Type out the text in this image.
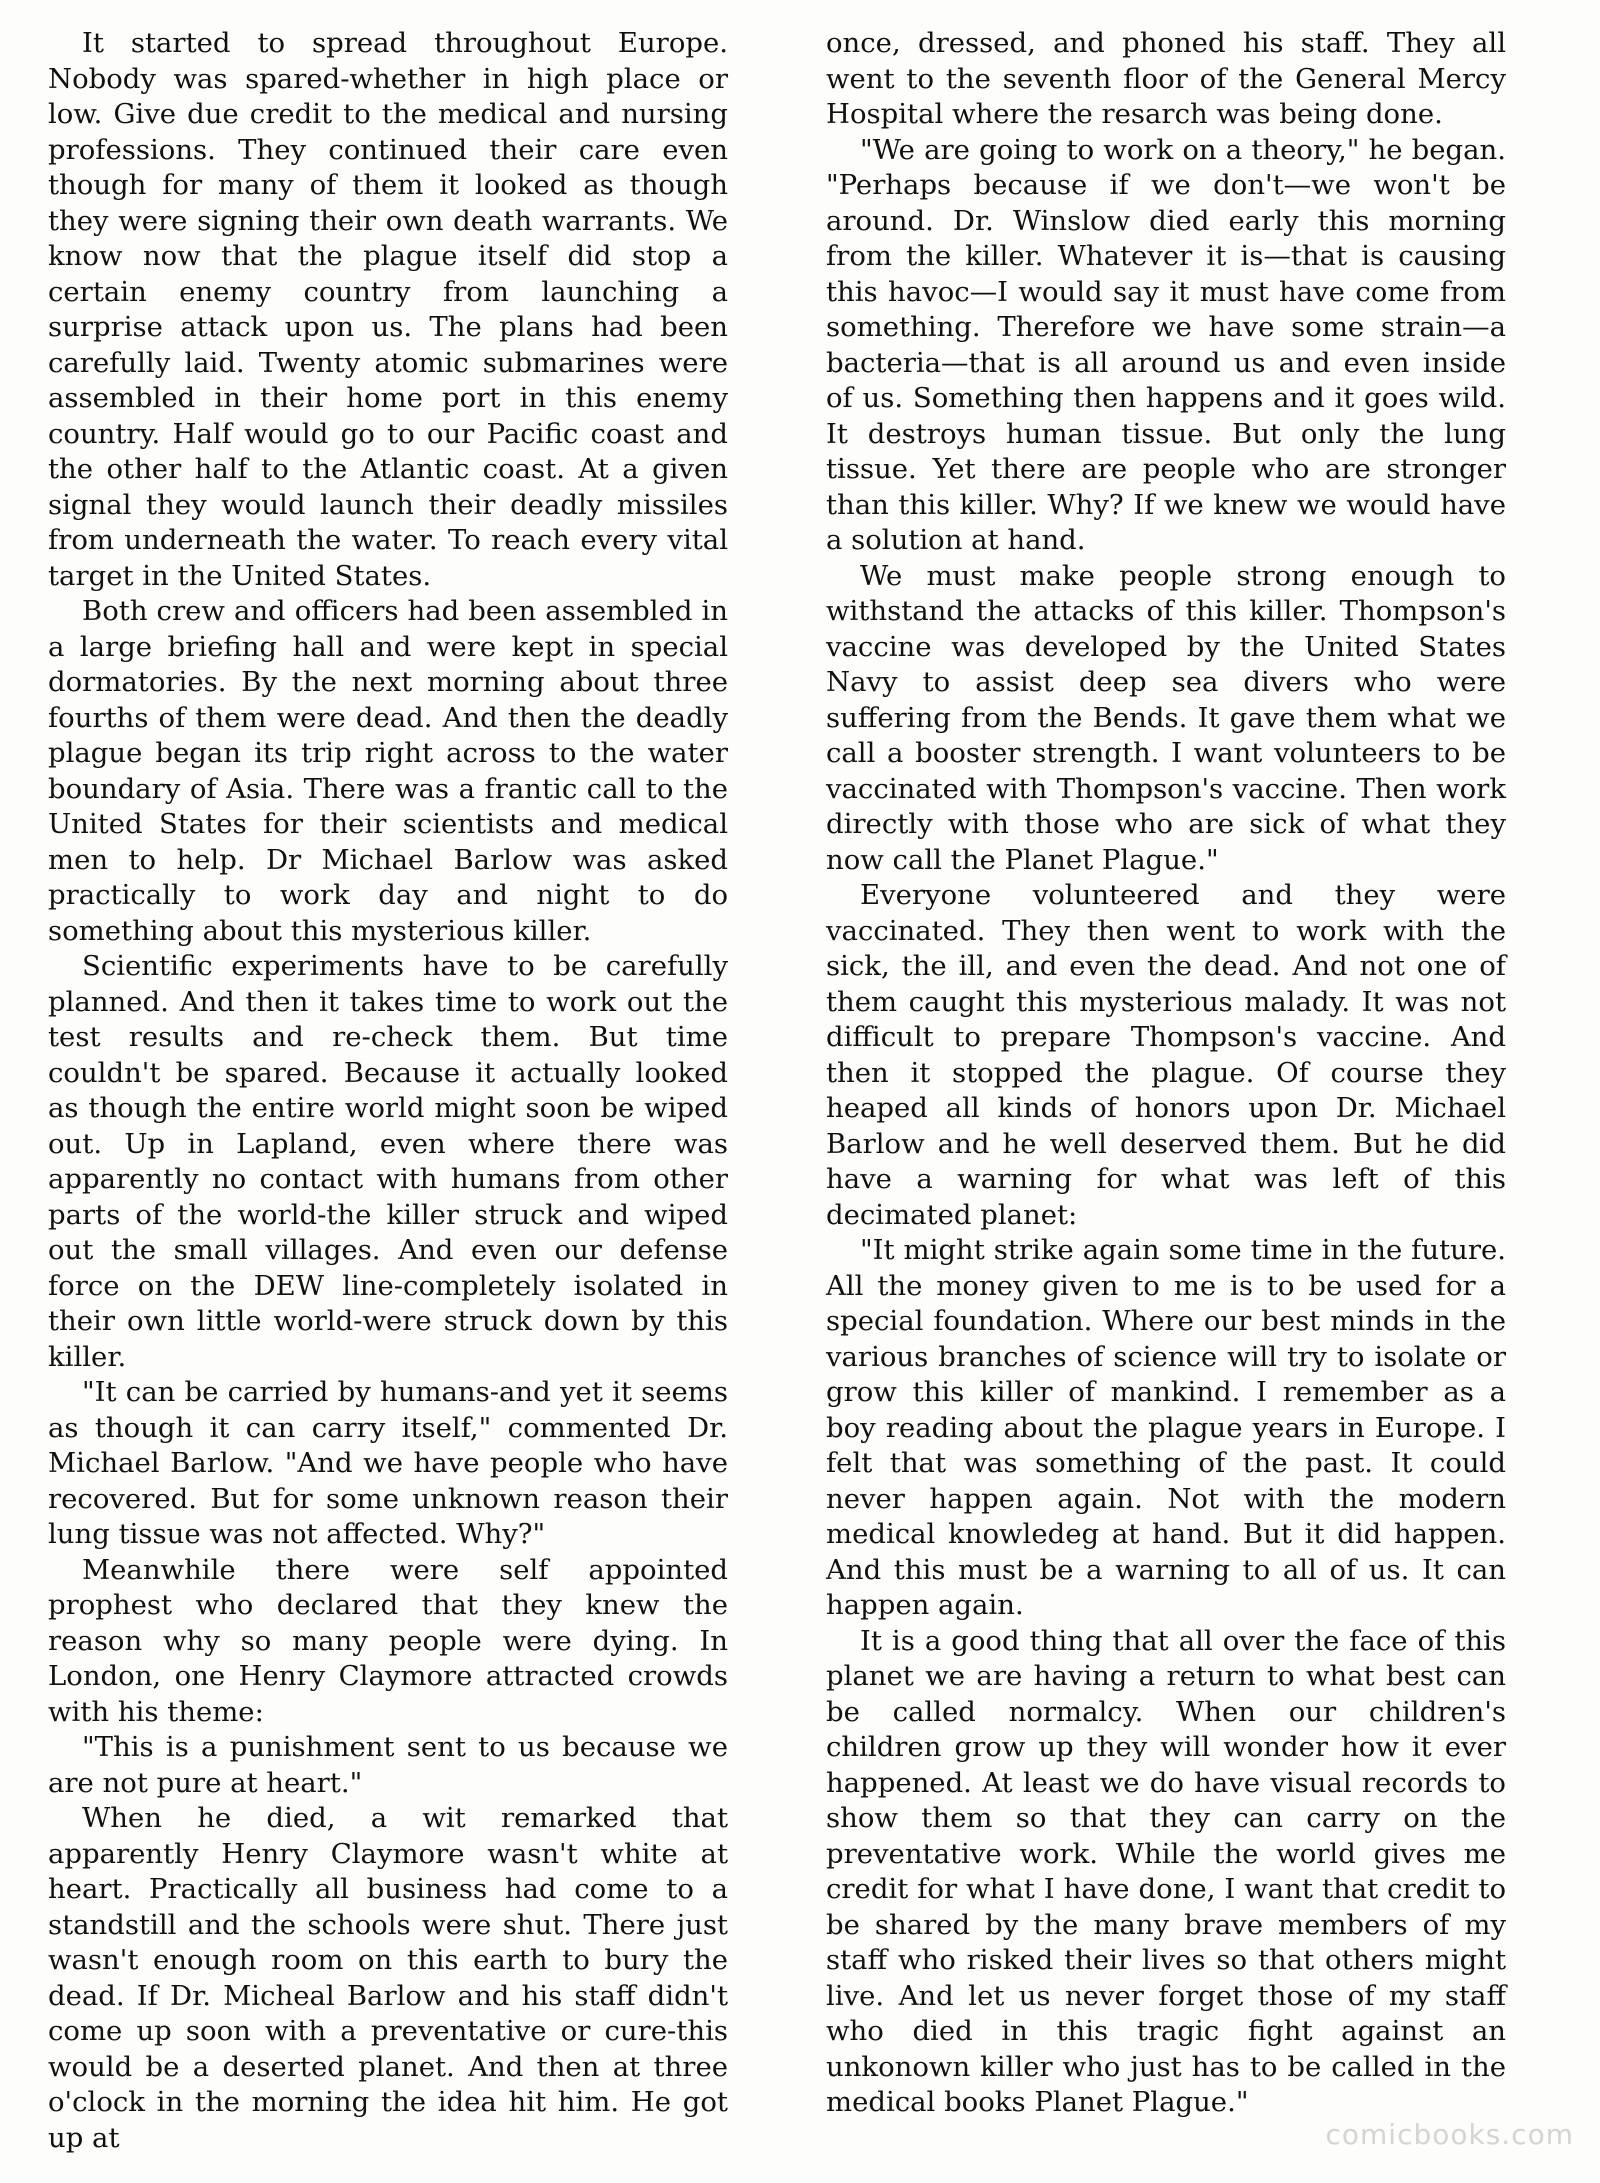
It started to spread throughout Europe. Nobody was spared-whether in high place or low. Give due credit to the medical and nursing professions. They continued their care even though for many of them it looked as though they were signing their own death warrants. We know now that the plague itself did stop a certain enemy country from launching a surprise attack upon us. The plans had been carefully laid. Twenty atomic submarines were assembled in their home port in this enemy country. Half would go to our Pacific coast and the other half to the Atlantic coast. At a given signal they would launch their deadly missiles from underneath the water. To reach every vital target in the United States.

Both crew and officers had been assembled in a large briefing hall and were kept in special dormatories. By the next morning about three fourths of them were dead. And then the deadly plague began its trip right across to the water boundary of Asia. There was a frantic call to the United States for their scientists and medical men to help. Dr Michael Barlow was asked practically to work day and night to do something about this mysterious killer.

Scientific experiments have to be carefully planned. And then it takes time to work out the test results and re-check them. But time couldn't be spared. Because it actually looked as though the entire world might soon be wiped out. Up in Lapland, even where there was apparently no contact with humans from other parts of the world-the killer struck and wiped out the small villages. And even our defense force on the DEW line-completely isolated in their own little world-were struck down by this killer.

"It can be carried by humans-and yet it seems as though it can carry itself," commented Dr. Michael Barlow. "And we have people who have recovered. But for some unknown reason their lung tissue was not affected. Why?"

Meanwhile there were self appointed prophest who declared that they knew the reason why so many people were dying. In London, one Henry Claymore attracted crowds with his theme:

"This is a punishment sent to us because we are not pure at heart."

When he died, a wit remarked that apparently Henry Claymore wasn't white at heart. Practically all business had come to a standstill and the schools were shut. There just wasn't enough room on this earth to bury the dead. If Dr. Micheal Barlow and his staff didn't come up soon with a preventative or cure-this would be a deserted planet. And then at three o'clock in the morning the idea hit him. He got up at

once, dressed, and phoned his staff. They all went to the seventh floor of the General Mercy Hospital where the resarch was being done.

"We are going to work on a theory," he began. "Perhaps because if we don't—we won't be around. Dr. Winslow died early this morning from the killer. Whatever it is—that is causing this havoc—I would say it must have come from something. Therefore we have some strain—a bacteria—that is all around us and even inside of us. Something then happens and it goes wild. It destroys human tissue. But only the lung tissue. Yet there are people who are stronger than this killer. Why? If we knew we would have a solution at hand.

We must make people strong enough to withstand the attacks of this killer. Thompson's vaccine was developed by the United States Navy to assist deep sea divers who were suffering from the Bends. It gave them what we call a booster strength. I want volunteers to be vaccinated with Thompson's vaccine. Then work directly with those who are sick of what they now call the Planet Plague."

Everyone volunteered and they were vaccinated. They then went to work with the sick, the ill, and even the dead. And not one of them caught this mysterious malady. It was not difficult to prepare Thompson's vaccine. And then it stopped the plague. Of course they heaped all kinds of honors upon Dr. Michael Barlow and he well deserved them. But he did have a warning for what was left of this decimated planet:

"It might strike again some time in the future. All the money given to me is to be used for a special foundation. Where our best minds in the various branches of science will try to isolate or grow this killer of mankind. I remember as a boy reading about the plague years in Europe. I felt that was something of the past. It could never happen again. Not with the modern medical knowledeg at hand. But it did happen. And this must be a warning to all of us. It can happen again.

It is a good thing that all over the face of this planet we are having a return to what best can be called normalcy. When our children's children grow up they will wonder how it ever happened. At least we do have visual records to show them so that they can carry on the preventative work. While the world gives me credit for what I have done, I want that credit to be shared by the many brave members of my staff who risked their lives so that others might live. And let us never forget those of my staff who died in this tragic fight against an unkonown killer who just has to be called in the medical books Planet Plague."

comicbooks.com
